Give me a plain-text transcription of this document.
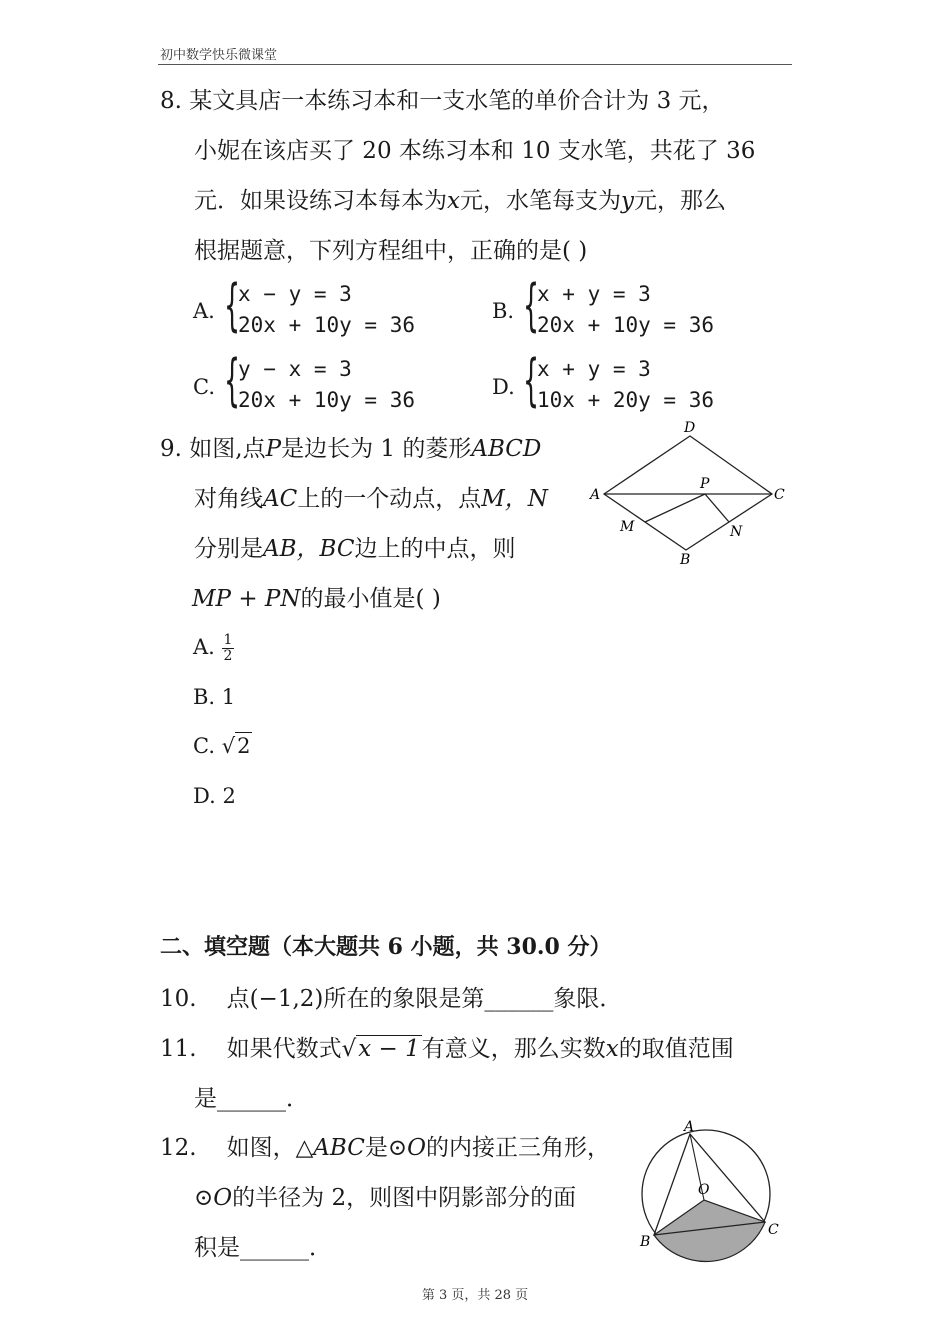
初中数学快乐微课堂
8. 某文具店一本练习本和一支水笔的单价合计为 3 元，
小妮在该店买了 20 本练习本和 10 支水笔，共花了 36
元．如果设练习本每本为x元，水笔每支为y元，那么
根据题意，下列方程组中，正确的是( )
A. {
x − y = 3
20x + 10y = 36
B. {
x + y = 3
20x + 10y = 36
C. {
y − x = 3
20x + 10y = 36
D. {
x + y = 3
10x + 20y = 36
9. 如图,点P是边长为 1 的菱形ABCD
对角线AC上的一个动点，点M，N
分别是AB，BC边上的中点，则
MP + PN的最小值是( )
D
A	C
P
M	N
B
A. $\frac{1}{2}$
B. 1
C. √2
D. 2
二、填空题（本大题共 6 小题，共 30.0 分）
10. 点(−1,2)所在的象限是第______象限．
11. 如果代数式√x − 1有意义，那么实数x的取值范围
是______．
12. 如图，△ABC是⊙O的内接正三角形，
⊙O的半径为 2，则图中阴影部分的面
积是______．
A
B
C
O
第 3 页，共 28 页
